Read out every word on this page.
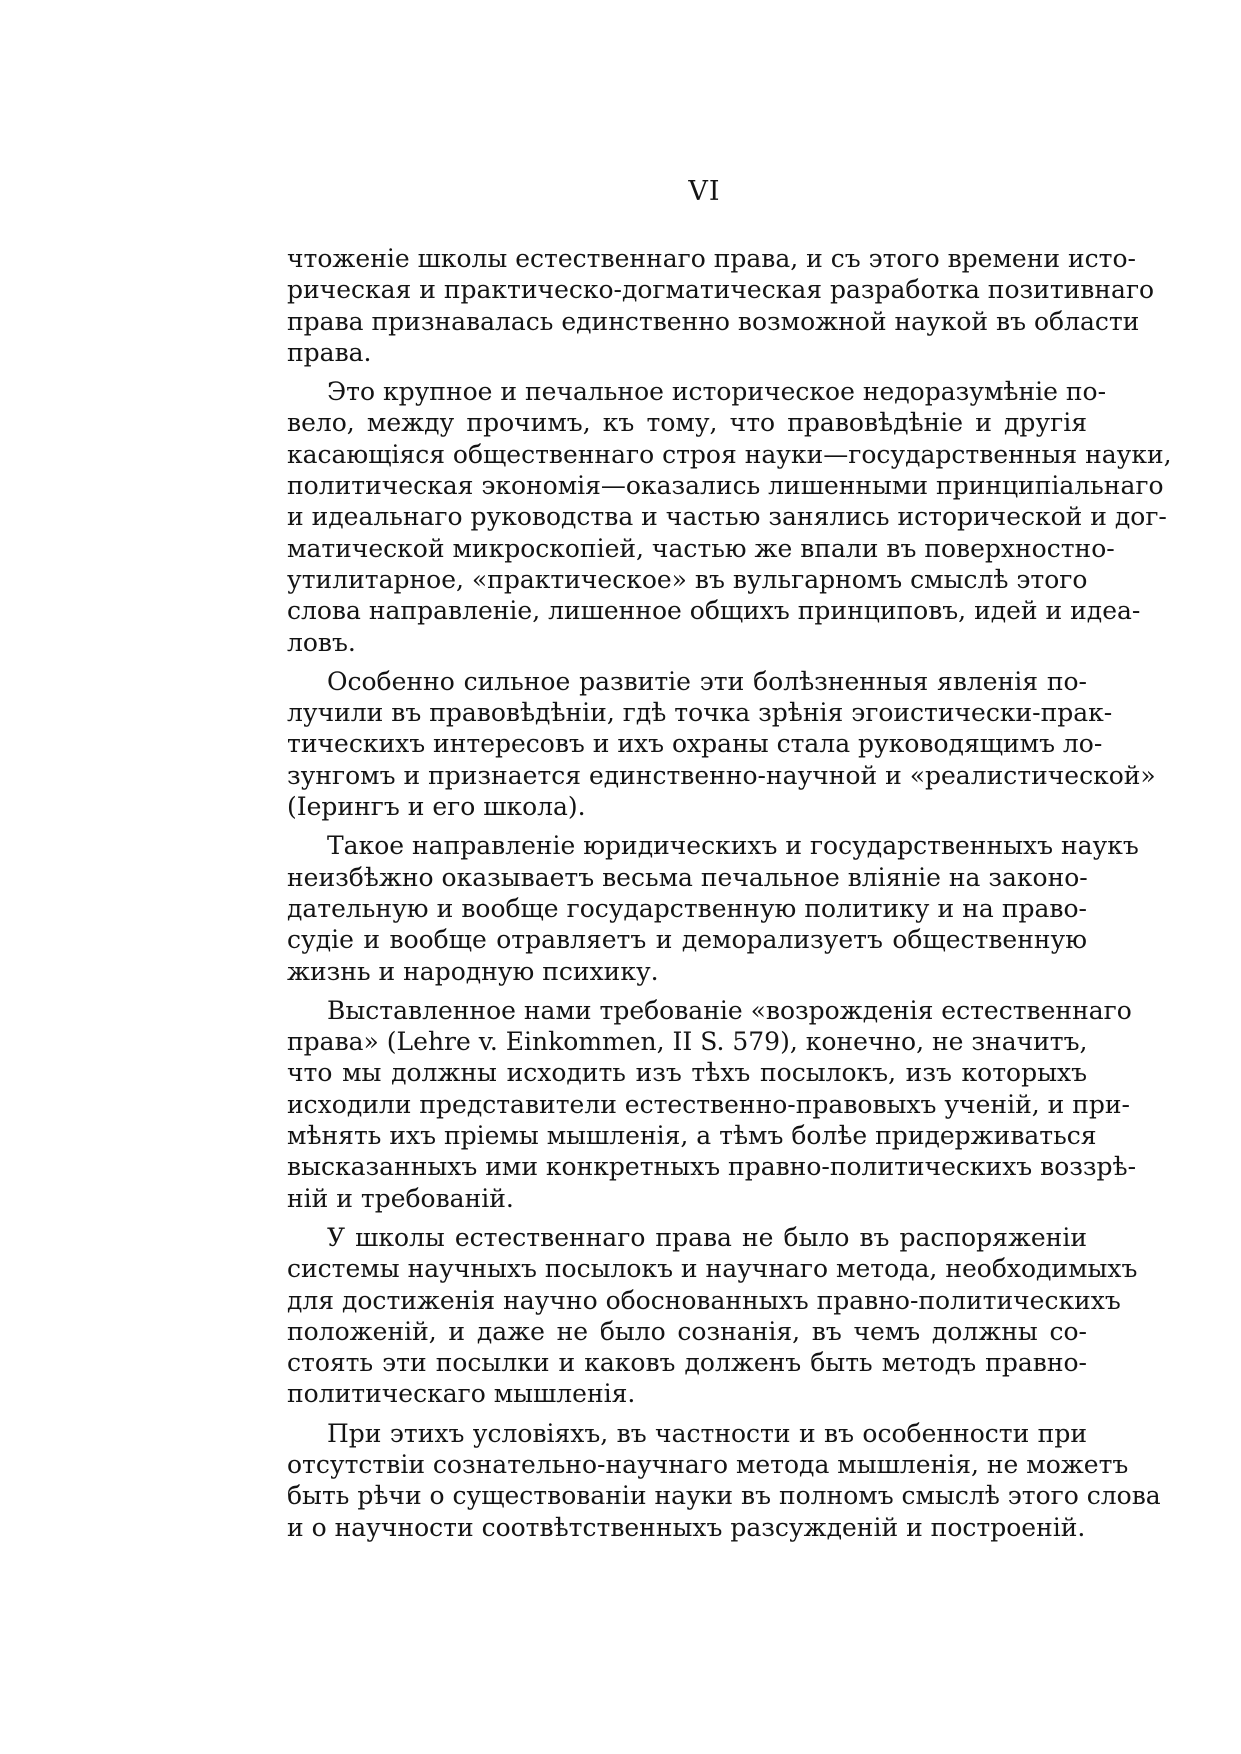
VI
чтоженіе школы естественнаго права, и съ этого времени исто-
рическая и практическо-догматическая разработка позитивнаго
права признавалась единственно возможной наукой въ области
права.
Это крупное и печальное историческое недоразумѣніе по-
вело, между прочимъ, къ тому, что правовѣдѣніе и другія
касающіяся общественнаго строя науки—государственныя науки,
политическая экономія—оказались лишенными принципіальнаго
и идеальнаго руководства и частью занялись исторической и дог-
матической микроскопіей, частью же впали въ поверхностно-
утилитарное, «практическое» въ вульгарномъ смыслѣ этого
слова направленіе, лишенное общихъ принциповъ, идей и идеа-
ловъ.
Особенно сильное развитіе эти болѣзненныя явленія по-
лучили въ правовѣдѣніи, гдѣ точка зрѣнія эгоистически-прак-
тическихъ интересовъ и ихъ охраны стала руководящимъ ло-
зунгомъ и признается единственно-научной и «реалистической»
(Іерингъ и его школа).
Такое направленіе юридическихъ и государственныхъ наукъ
неизбѣжно оказываетъ весьма печальное вліяніе на законо-
дательную и вообще государственную политику и на право-
судіе и вообще отравляетъ и деморализуетъ общественную
жизнь и народную психику.
Выставленное нами требованіе «возрожденія естественнаго
права» (Lehre v. Einkommen, II S. 579), конечно, не значитъ,
что мы должны исходить изъ тѣхъ посылокъ, изъ которыхъ
исходили представители естественно-правовыхъ ученій, и при-
мѣнять ихъ пріемы мышленія, а тѣмъ болѣе придерживаться
высказанныхъ ими конкретныхъ правно-политическихъ воззрѣ-
ній и требованій.
У школы естественнаго права не было въ распоряженіи
системы научныхъ посылокъ и научнаго метода, необходимыхъ
для достиженія научно обоснованныхъ правно-политическихъ
положеній, и даже не было сознанія, въ чемъ должны со-
стоять эти посылки и каковъ долженъ быть методъ правно-
политическаго мышленія.
При этихъ условіяхъ, въ частности и въ особенности при
отсутствіи сознательно-научнаго метода мышленія, не можетъ
быть рѣчи о существованіи науки въ полномъ смыслѣ этого слова
и о научности соотвѣтственныхъ разсужденій и построеній.
